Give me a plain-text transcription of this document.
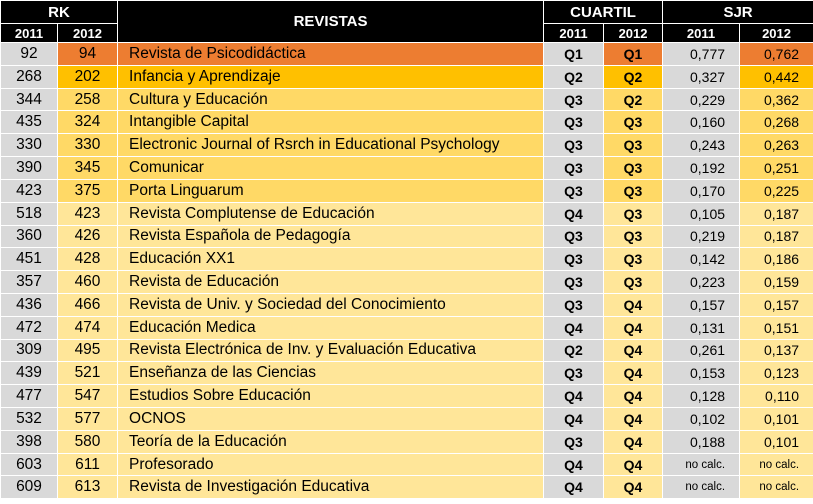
RK		REVISTAS	CUARTIL		SJR	
2011	2012		2011	2012	2011	2012
92	94	Revista de Psicodidáctica	Q1	Q1	0,777	0,762
268	202	Infancia y Aprendizaje	Q2	Q2	0,327	0,442
344	258	Cultura y Educación	Q3	Q2	0,229	0,362
435	324	Intangible Capital	Q3	Q3	0,160	0,268
330	330	Electronic Journal of Rsrch in Educational Psychology	Q3	Q3	0,243	0,263
390	345	Comunicar	Q3	Q3	0,192	0,251
423	375	Porta Linguarum	Q3	Q3	0,170	0,225
518	423	Revista Complutense de Educación	Q4	Q3	0,105	0,187
360	426	Revista Española de Pedagogía	Q3	Q3	0,219	0,187
451	428	Educación XX1	Q3	Q3	0,142	0,186
357	460	Revista de Educación	Q3	Q3	0,223	0,159
436	466	Revista de Univ. y Sociedad del Conocimiento	Q3	Q4	0,157	0,157
472	474	Educación Medica	Q4	Q4	0,131	0,151
309	495	Revista Electrónica de Inv. y Evaluación Educativa	Q2	Q4	0,261	0,137
439	521	Enseñanza de las Ciencias	Q3	Q4	0,153	0,123
477	547	Estudios Sobre Educación	Q4	Q4	0,128	0,110
532	577	OCNOS	Q4	Q4	0,102	0,101
398	580	Teoría de la Educación	Q3	Q4	0,188	0,101
603	611	Profesorado	Q4	Q4	no calc.	no calc.
609	613	Revista de Investigación Educativa	Q4	Q4	no calc.	no calc.
